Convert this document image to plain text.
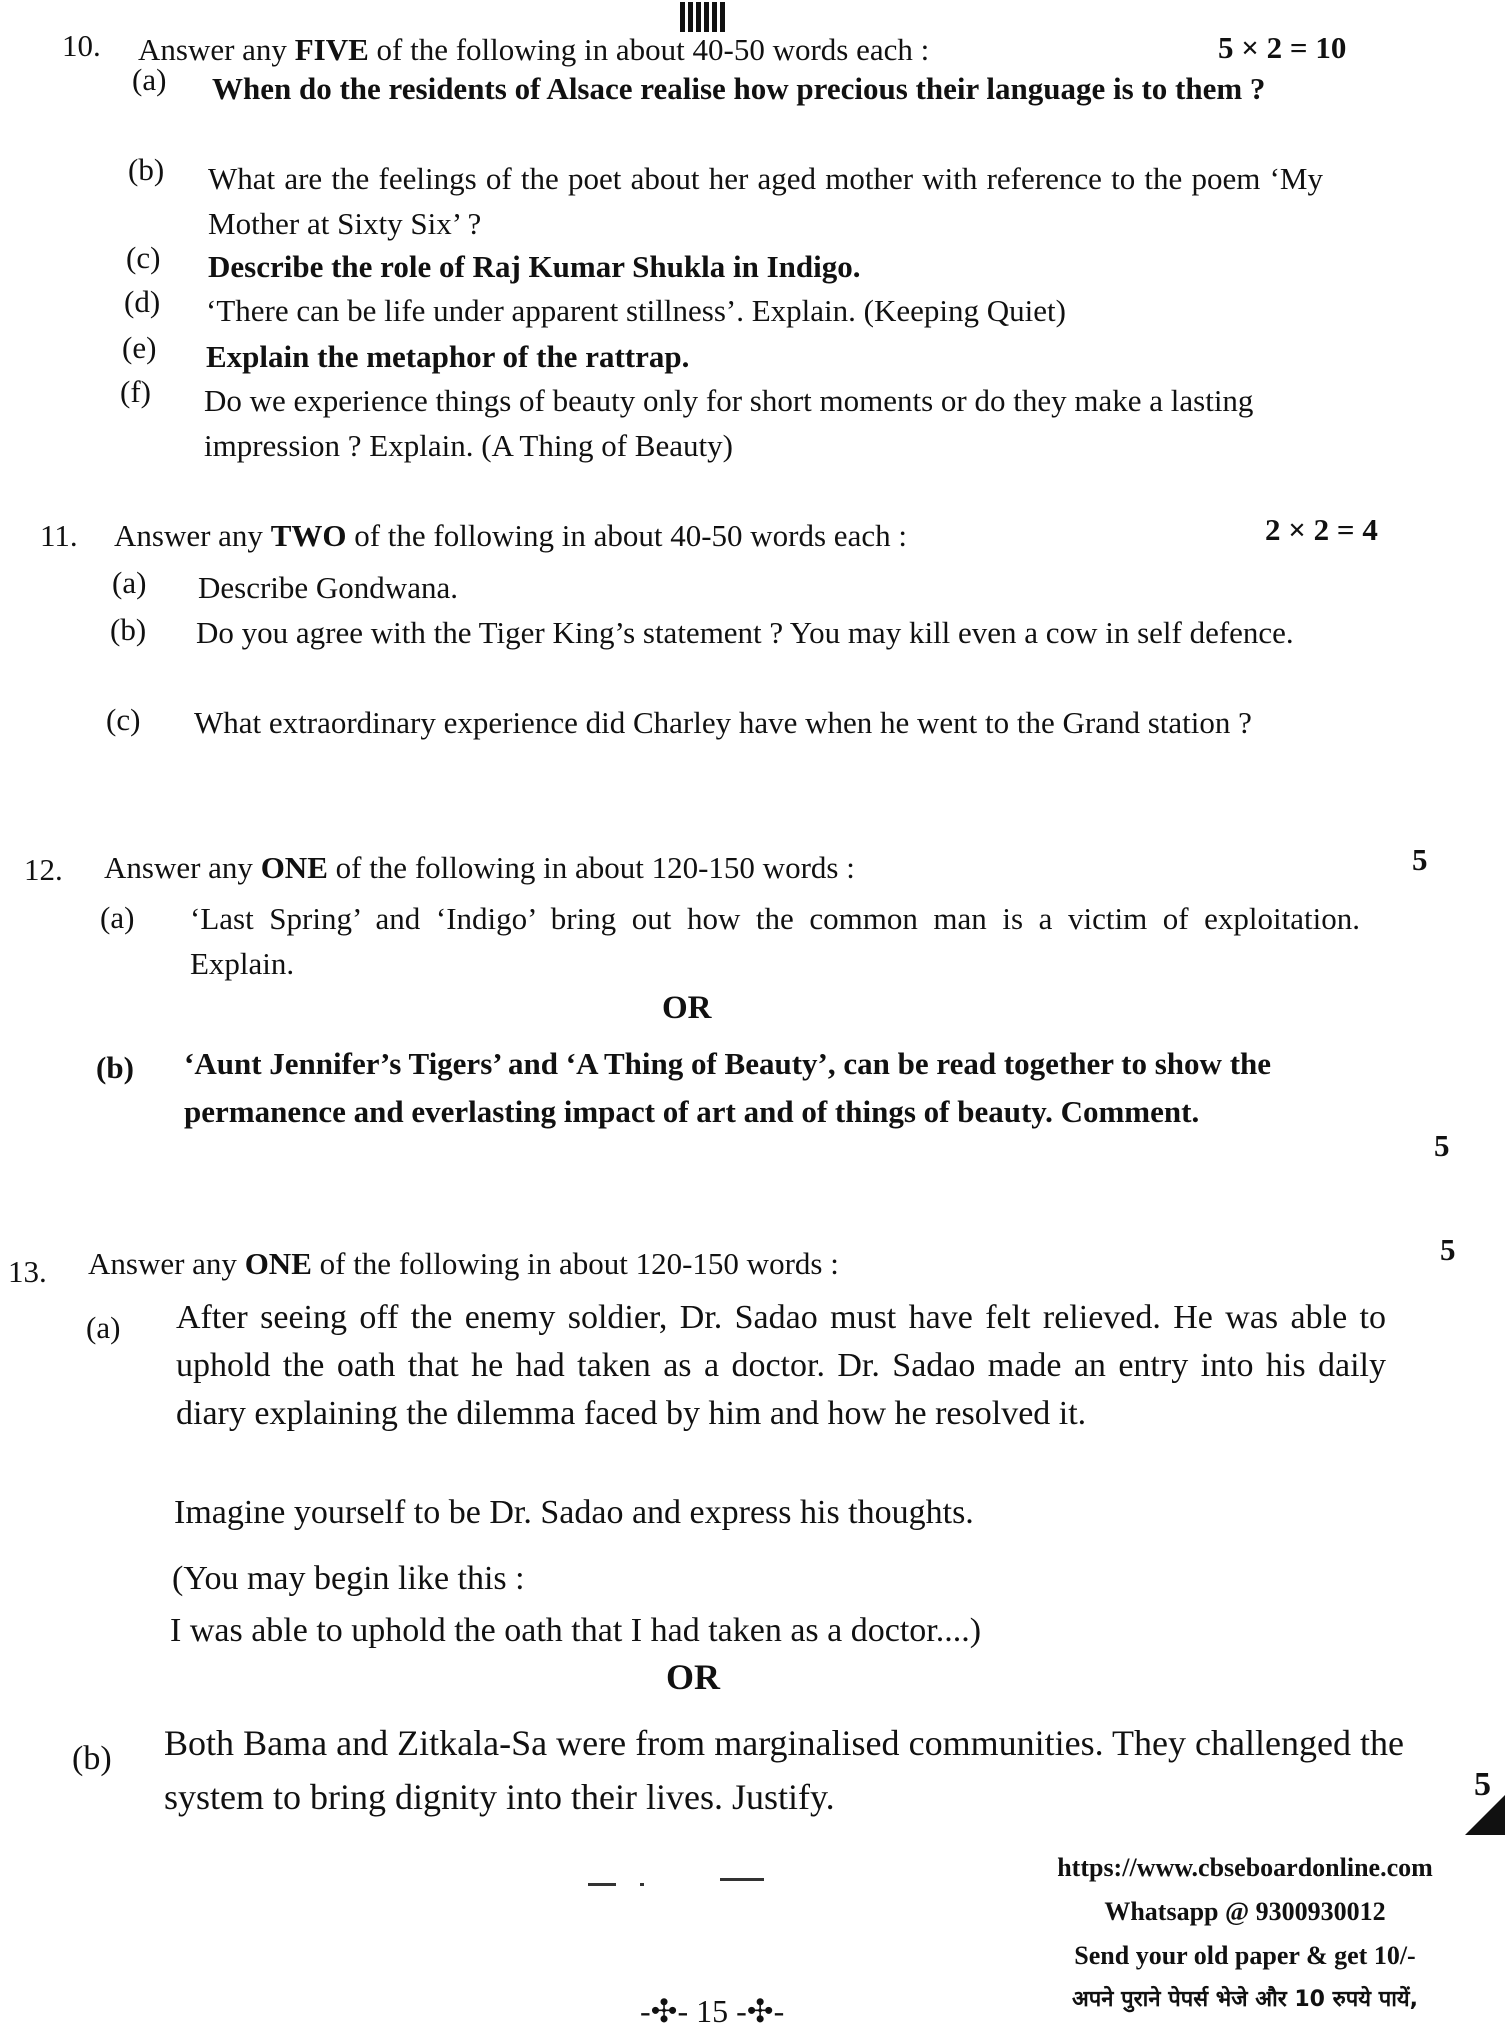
10. Answer any FIVE of the following in about 40-50 words each :	5 × 2 = 10
(a) When do the residents of Alsace realise how precious their language is to them ?
(b) What are the feelings of the poet about her aged mother with reference to the poem ‘My Mother at Sixty Six’ ?
(c) Describe the role of Raj Kumar Shukla in Indigo.
(d) ‘There can be life under apparent stillness’. Explain. (Keeping Quiet)
(e) Explain the metaphor of the rattrap.
(f) Do we experience things of beauty only for short moments or do they make a lasting impression ? Explain. (A Thing of Beauty)
11. Answer any TWO of the following in about 40-50 words each :	2 × 2 = 4
(a) Describe Gondwana.
(b) Do you agree with the Tiger King’s statement ? You may kill even a cow in self defence.
(c) What extraordinary experience did Charley have when he went to the Grand station ?
12. Answer any ONE of the following in about 120-150 words :	5
(a) ‘Last Spring’ and ‘Indigo’ bring out how the common man is a victim of exploitation. Explain.
OR
(b) ‘Aunt Jennifer’s Tigers’ and ‘A Thing of Beauty’, can be read together to show the permanence and everlasting impact of art and of things of beauty. Comment.
5
13. Answer any ONE of the following in about 120-150 words :	5
(a) After seeing off the enemy soldier, Dr. Sadao must have felt relieved. He was able to uphold the oath that he had taken as a doctor. Dr. Sadao made an entry into his daily diary explaining the dilemma faced by him and how he resolved it.
Imagine yourself to be Dr. Sadao and express his thoughts.
(You may begin like this :
I was able to uphold the oath that I had taken as a doctor....)
OR
(b) Both Bama and Zitkala-Sa were from marginalised communities. They challenged the system to bring dignity into their lives. Justify.	5
https://www.cbseboardonline.com
Whatsapp @ 9300930012
Send your old paper & get 10/-
अपने पुराने पेपर्स भेजे और 10 रुपये पायें,
-✣- 15 -✣-
